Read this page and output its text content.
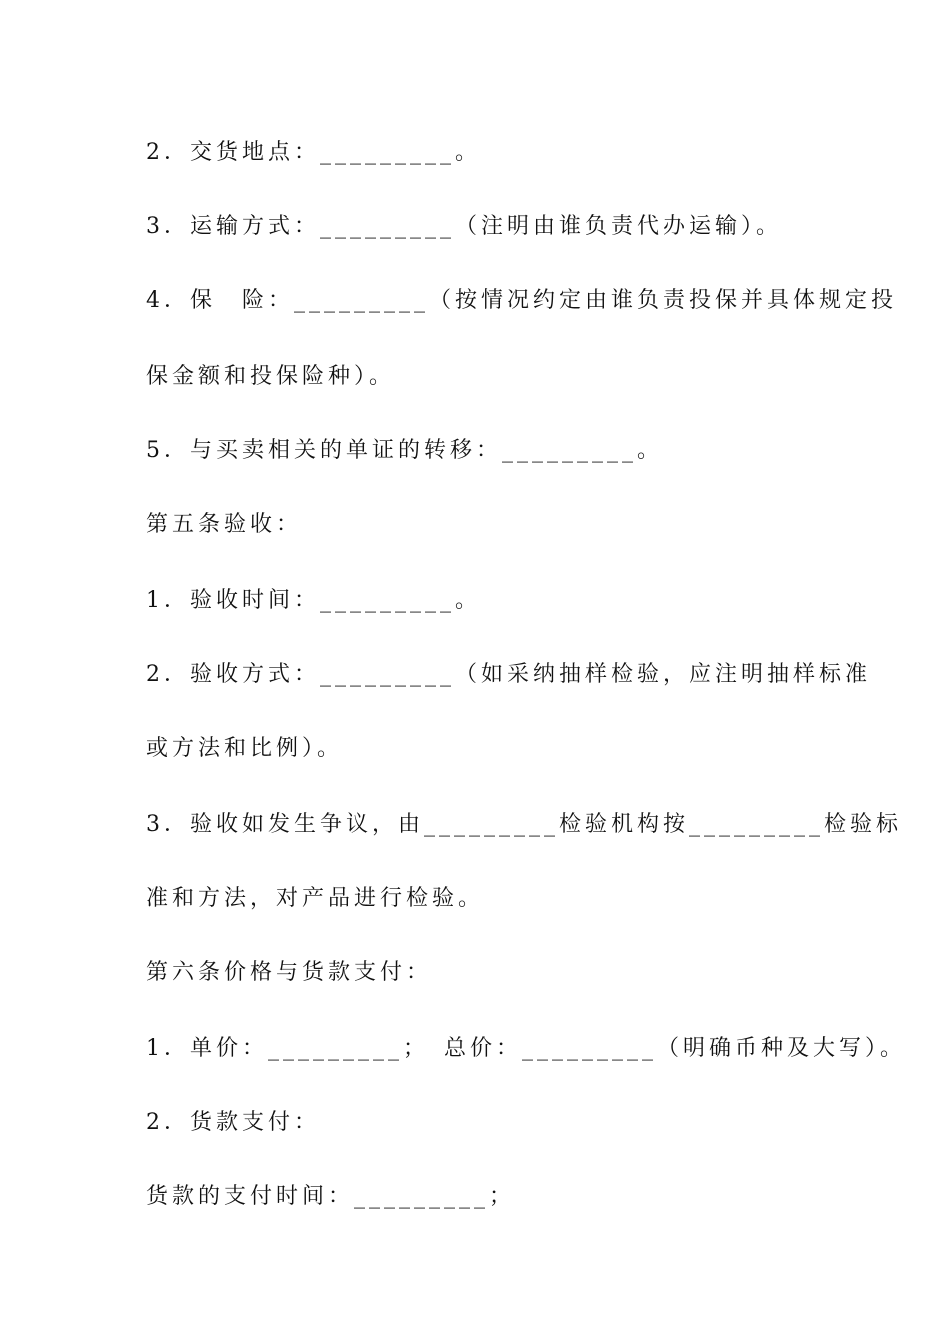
2．交货地点：_________。
3．运输方式：_________（注明由谁负责代办运输）。
4．保　险：_________（按情况约定由谁负责投保并具体规定投
保金额和投保险种）。
5．与买卖相关的单证的转移：_________。
第五条验收：
1．验收时间：_________。
2．验收方式：_________（如采纳抽样检验，应注明抽样标准
或方法和比例）。
3．验收如发生争议，由_________检验机构按_________检验标
准和方法，对产品进行检验。
第六条价格与货款支付：
1．单价：_________；　总价：_________（明确币种及大写）。
2．货款支付：
货款的支付时间：_________；
